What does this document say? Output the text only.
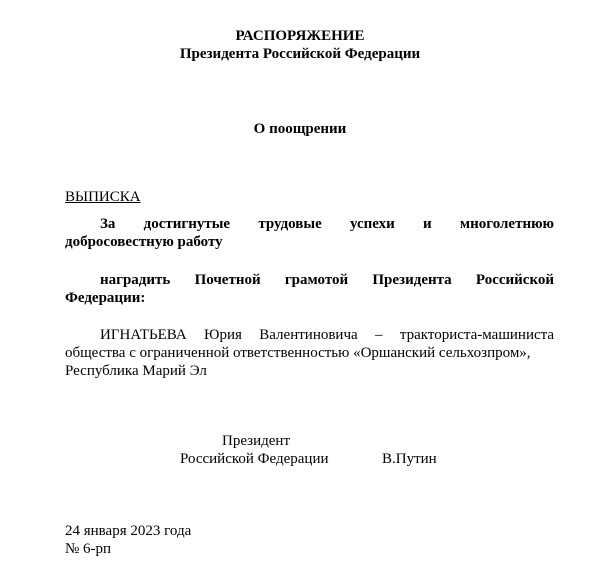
РАСПОРЯЖЕНИЕ
Президента Российской Федерации
О поощрении
ВЫПИСКА
За достигнутые трудовые успехи и многолетнюю
добросовестную работу
наградить Почетной грамотой Президента Российской
Федерации:
ИГНАТЬЕВА Юрия Валентиновича – тракториста-машиниста
общества с ограниченной ответственностью «Оршанский сельхозпром»,
Республика Марий Эл
Президент
Российской Федерации	В.Путин
24 января 2023 года
№ 6-рп
